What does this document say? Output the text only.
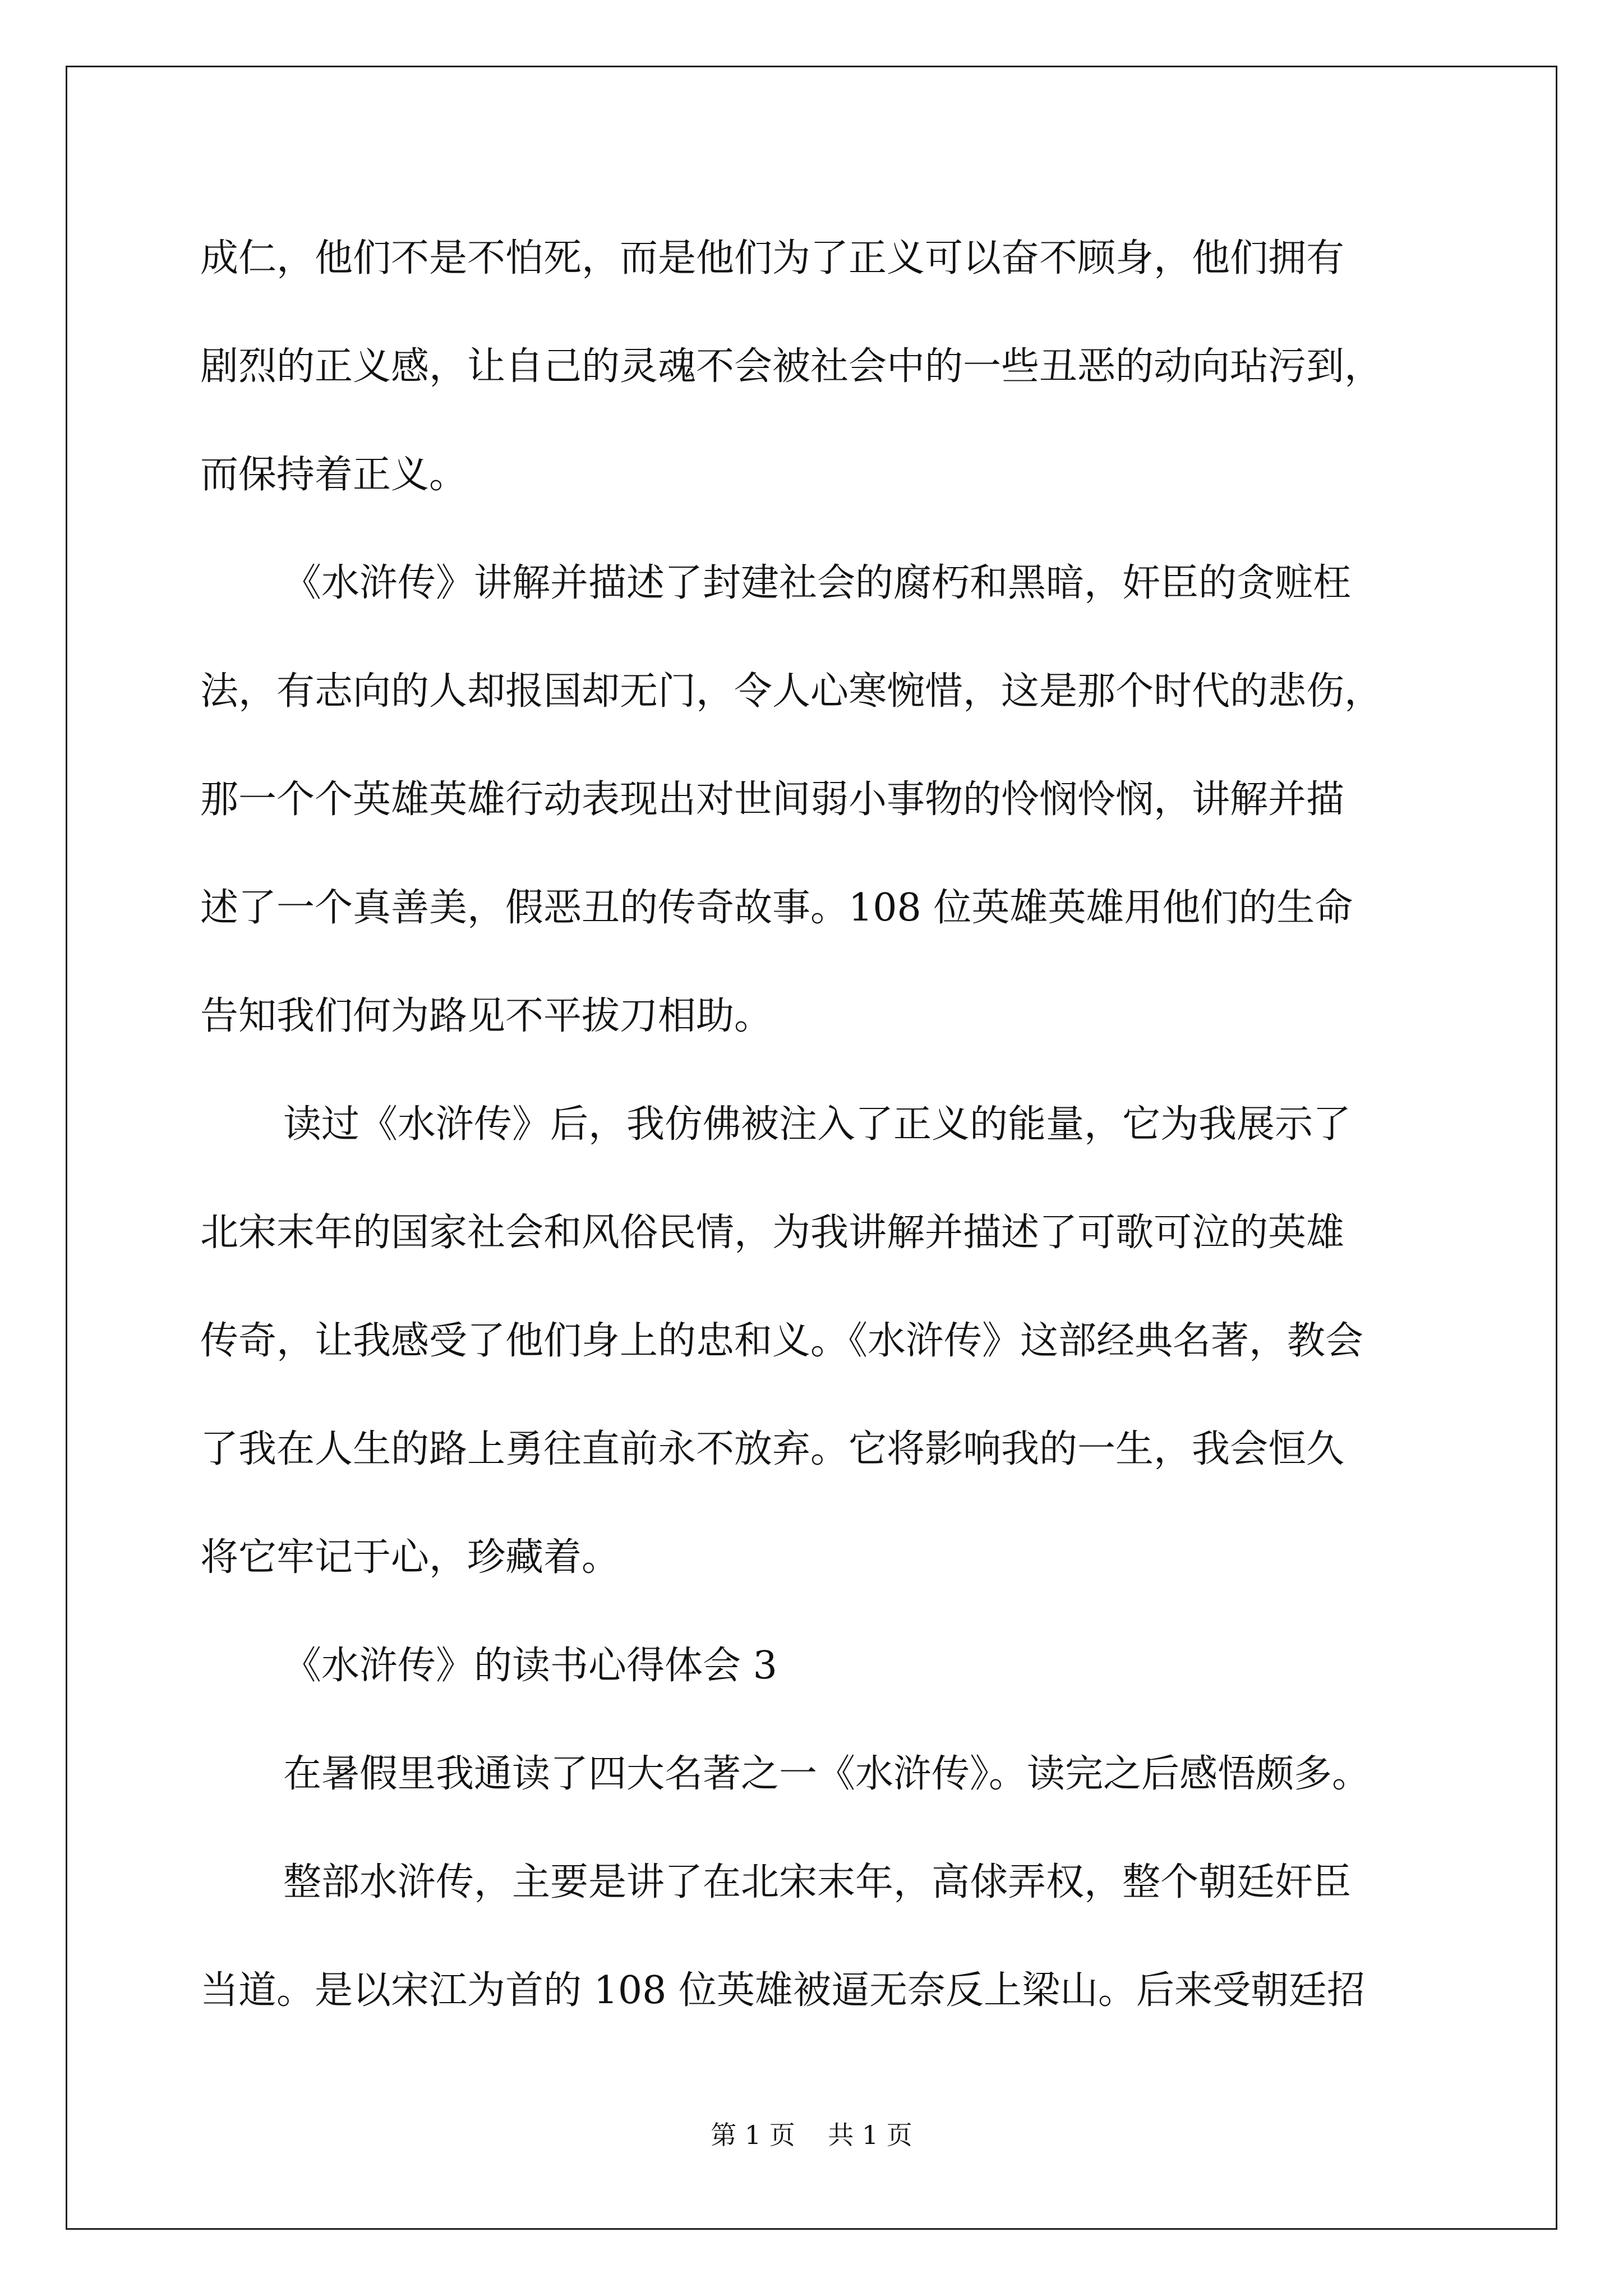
成仁，他们不是不怕死，而是他们为了正义可以奋不顾身，他们拥有
剧烈的正义感，让自己的灵魂不会被社会中的一些丑恶的动向玷污到，
而保持着正义。
《水浒传》讲解并描述了封建社会的腐朽和黑暗，奸臣的贪赃枉
法，有志向的人却报国却无门，令人心寒惋惜，这是那个时代的悲伤，
那一个个英雄英雄行动表现出对世间弱小事物的怜悯怜悯，讲解并描
述了一个真善美，假恶丑的传奇故事。108 位英雄英雄用他们的生命
告知我们何为路见不平拔刀相助。
读过《水浒传》后，我仿佛被注入了正义的能量，它为我展示了
北宋末年的国家社会和风俗民情，为我讲解并描述了可歌可泣的英雄
传奇，让我感受了他们身上的忠和义。《水浒传》这部经典名著，教会
了我在人生的路上勇往直前永不放弃。它将影响我的一生，我会恒久
将它牢记于心，珍藏着。
《水浒传》的读书心得体会 3
在暑假里我通读了四大名著之一《水浒传》。读完之后感悟颇多。
整部水浒传，主要是讲了在北宋末年，高俅弄权，整个朝廷奸臣
当道。是以宋江为首的 108 位英雄被逼无奈反上梁山。后来受朝廷招
第 1 页    共 1 页
